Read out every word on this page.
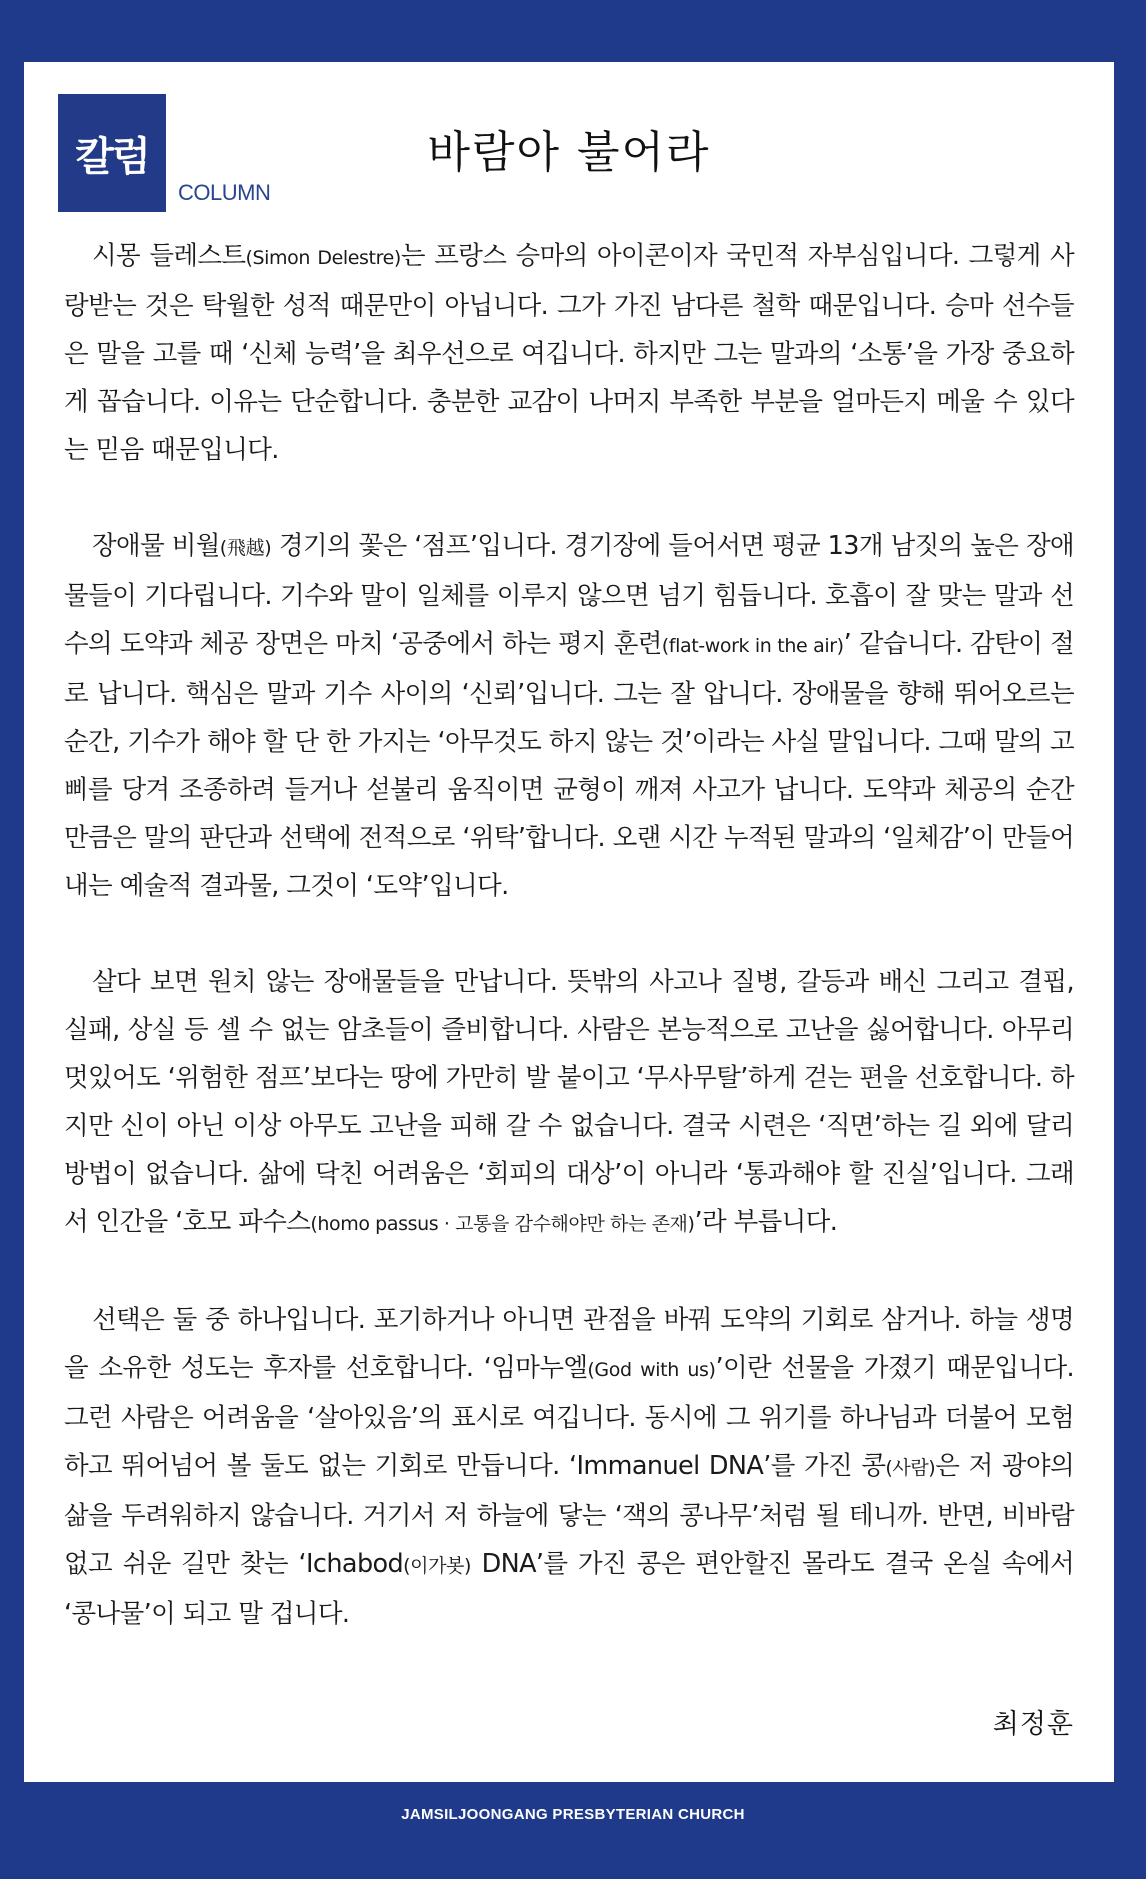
칼럼
COLUMN
바람아 불어라

시몽 들레스트(Simon Delestre)는 프랑스 승마의 아이콘이자 국민적 자부심입니다. 그렇게 사랑받는 것은 탁월한 성적 때문만이 아닙니다. 그가 가진 남다른 철학 때문입니다. 승마 선수들은 말을 고를 때 ‘신체 능력’을 최우선으로 여깁니다. 하지만 그는 말과의 ‘소통’을 가장 중요하게 꼽습니다. 이유는 단순합니다. 충분한 교감이 나머지 부족한 부분을 얼마든지 메울 수 있다는 믿음 때문입니다.

장애물 비월(飛越) 경기의 꽃은 ‘점프’입니다. 경기장에 들어서면 평균 13개 남짓의 높은 장애물들이 기다립니다. 기수와 말이 일체를 이루지 않으면 넘기 힘듭니다. 호흡이 잘 맞는 말과 선수의 도약과 체공 장면은 마치 ‘공중에서 하는 평지 훈련(flat-work in the air)’ 같습니다. 감탄이 절로 납니다. 핵심은 말과 기수 사이의 ‘신뢰’입니다. 그는 잘 압니다. 장애물을 향해 뛰어오르는 순간, 기수가 해야 할 단 한 가지는 ‘아무것도 하지 않는 것’이라는 사실 말입니다. 그때 말의 고삐를 당겨 조종하려 들거나 섣불리 움직이면 균형이 깨져 사고가 납니다. 도약과 체공의 순간만큼은 말의 판단과 선택에 전적으로 ‘위탁’합니다. 오랜 시간 누적된 말과의 ‘일체감’이 만들어 내는 예술적 결과물, 그것이 ‘도약’입니다.

살다 보면 원치 않는 장애물들을 만납니다. 뜻밖의 사고나 질병, 갈등과 배신 그리고 결핍, 실패, 상실 등 셀 수 없는 암초들이 즐비합니다. 사람은 본능적으로 고난을 싫어합니다. 아무리 멋있어도 ‘위험한 점프’보다는 땅에 가만히 발 붙이고 ‘무사무탈’하게 걷는 편을 선호합니다. 하지만 신이 아닌 이상 아무도 고난을 피해 갈 수 없습니다. 결국 시련은 ‘직면’하는 길 외에 달리 방법이 없습니다. 삶에 닥친 어려움은 ‘회피의 대상’이 아니라 ‘통과해야 할 진실’입니다. 그래서 인간을 ‘호모 파수스(homo passus · 고통을 감수해야만 하는 존재)’라 부릅니다.

선택은 둘 중 하나입니다. 포기하거나 아니면 관점을 바꿔 도약의 기회로 삼거나. 하늘 생명을 소유한 성도는 후자를 선호합니다. ‘임마누엘(God with us)’이란 선물을 가졌기 때문입니다. 그런 사람은 어려움을 ‘살아있음’의 표시로 여깁니다. 동시에 그 위기를 하나님과 더불어 모험하고 뛰어넘어 볼 둘도 없는 기회로 만듭니다. ‘Immanuel DNA’를 가진 콩(사람)은 저 광야의 삶을 두려워하지 않습니다. 거기서 저 하늘에 닿는 ‘잭의 콩나무’처럼 될 테니까. 반면, 비바람 없고 쉬운 길만 찾는 ‘Ichabod(이가봇) DNA’를 가진 콩은 편안할진 몰라도 결국 온실 속에서 ‘콩나물’이 되고 말 겁니다.

최정훈
JAMSILJOONGANG PRESBYTERIAN CHURCH
